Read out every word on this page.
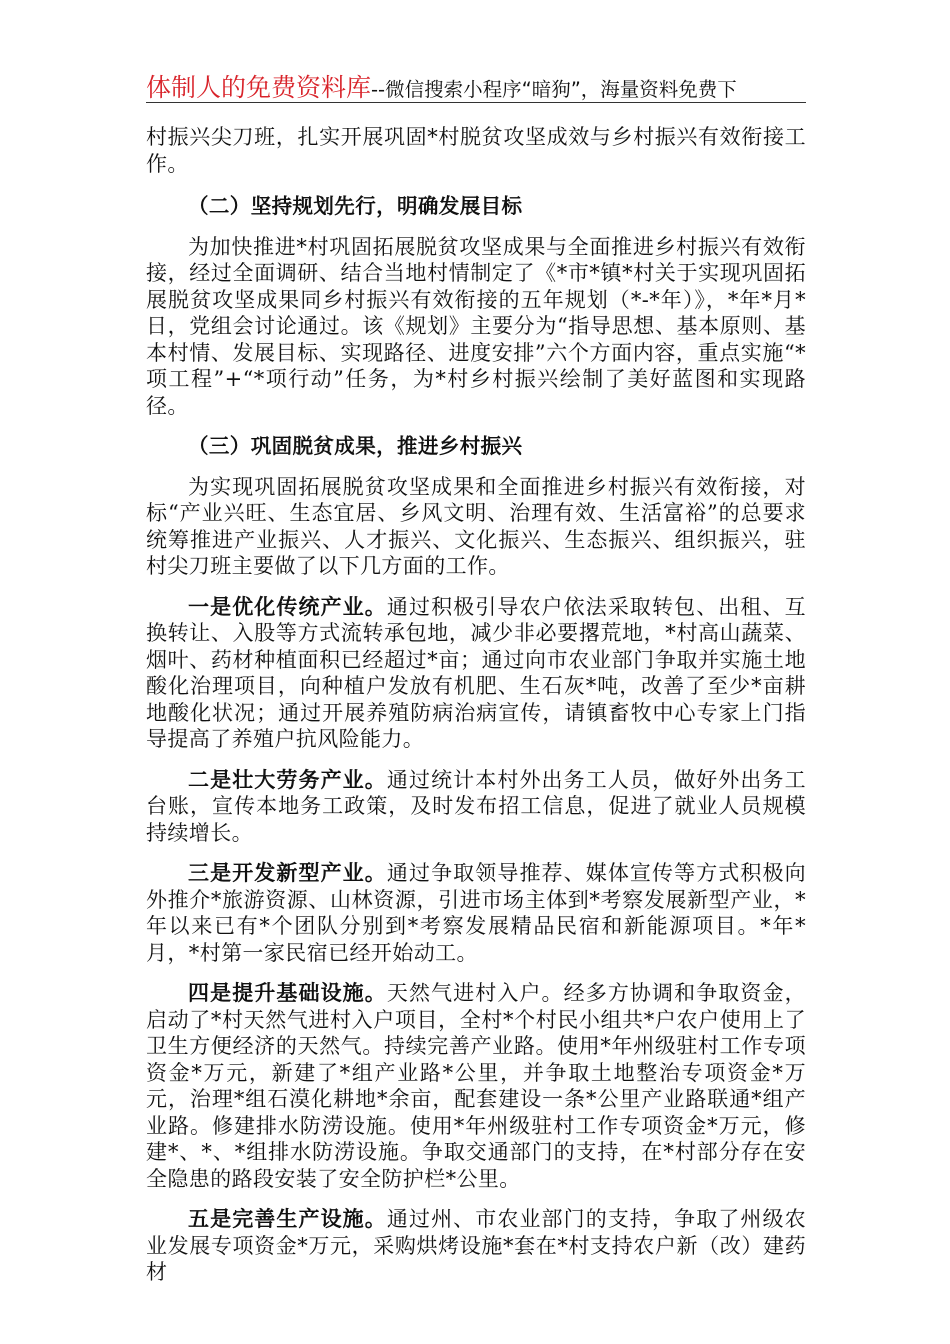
体制人的免费资料库--微信搜索小程序“暗狗”，海量资料免费下

村振兴尖刀班，扎实开展巩固*村脱贫攻坚成效与乡村振兴有效衔接工作。

（二）坚持规划先行，明确发展目标

为加快推进*村巩固拓展脱贫攻坚成果与全面推进乡村振兴有效衔接，经过全面调研、结合当地村情制定了《*市*镇*村关于实现巩固拓展脱贫攻坚成果同乡村振兴有效衔接的五年规划（*-*年）》，*年*月*日，党组会讨论通过。该《规划》主要分为“指导思想、基本原则、基本村情、发展目标、实现路径、进度安排”六个方面内容，重点实施“*项工程”+“*项行动”任务，为*村乡村振兴绘制了美好蓝图和实现路径。

（三）巩固脱贫成果，推进乡村振兴

为实现巩固拓展脱贫攻坚成果和全面推进乡村振兴有效衔接，对标“产业兴旺、生态宜居、乡风文明、治理有效、生活富裕”的总要求统筹推进产业振兴、人才振兴、文化振兴、生态振兴、组织振兴，驻村尖刀班主要做了以下几方面的工作。

一是优化传统产业。通过积极引导农户依法采取转包、出租、互换转让、入股等方式流转承包地，减少非必要撂荒地，*村高山蔬菜、烟叶、药材种植面积已经超过*亩；通过向市农业部门争取并实施土地酸化治理项目，向种植户发放有机肥、生石灰*吨，改善了至少*亩耕地酸化状况；通过开展养殖防病治病宣传，请镇畜牧中心专家上门指导提高了养殖户抗风险能力。

二是壮大劳务产业。通过统计本村外出务工人员，做好外出务工台账，宣传本地务工政策，及时发布招工信息，促进了就业人员规模持续增长。

三是开发新型产业。通过争取领导推荐、媒体宣传等方式积极向外推介*旅游资源、山林资源，引进市场主体到*考察发展新型产业，*年以来已有*个团队分别到*考察发展精品民宿和新能源项目。*年*月，*村第一家民宿已经开始动工。

四是提升基础设施。天然气进村入户。经多方协调和争取资金，启动了*村天然气进村入户项目，全村*个村民小组共*户农户使用上了卫生方便经济的天然气。持续完善产业路。使用*年州级驻村工作专项资金*万元，新建了*组产业路*公里，并争取土地整治专项资金*万元，治理*组石漠化耕地*余亩，配套建设一条*公里产业路联通*组产业路。修建排水防涝设施。使用*年州级驻村工作专项资金*万元，修建*、*、*组排水防涝设施。争取交通部门的支持，在*村部分存在安全隐患的路段安装了安全防护栏*公里。

五是完善生产设施。通过州、市农业部门的支持，争取了州级农业发展专项资金*万元，采购烘烤设施*套在*村支持农户新（改）建药材
